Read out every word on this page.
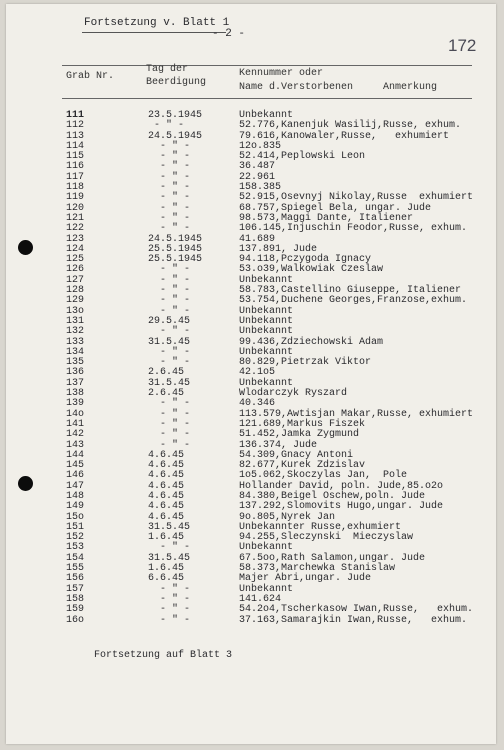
Fortsetzung v. Blatt 1
- 2 -
172
Grab Nr.
Tag der
Beerdigung
Kennummer oder
Name d.Verstorbenen	Anmerkung
111	23.5.1945	Unbekannt
112	- " -	52.776,Kanenjuk Wasilij,Russe, exhum.
113	24.5.1945	79.616,Kanowaler,Russe,   exhumiert
114	- " -	12o.835
115	- " -	52.414,Peplowski Leon
116	- " -	36.487
117	- " -	22.961
118	- " -	158.385
119	- " -	52.915,Osevnyj Nikolay,Russe  exhumiert
120	- " -	68.757,Spiegel Bela, ungar. Jude
121	- " -	98.573,Maggi Dante, Italiener
122	- " -	106.145,Injuschin Feodor,Russe, exhum.
123	24.5.1945	41.689
124	25.5.1945	137.891, Jude
125	25.5.1945	94.118,Pczygoda Ignacy
126	- " -	53.o39,Walkowiak Czeslaw
127	- " -	Unbekannt
128	- " -	58.783,Castellino Giuseppe, Italiener
129	- " -	53.754,Duchene Georges,Franzose,exhum.
13o	- " -	Unbekannt
131	29.5.45	Unbekannt
132	- " -	Unbekannt
133	31.5.45	99.436,Zdziechowski Adam
134	- " -	Unbekannt
135	- " -	80.829,Pietrzak Viktor
136	2.6.45	42.1o5
137	31.5.45	Unbekannt
138	2.6.45	Wlodarczyk Ryszard
139	- " -	40.346
14o	- " -	113.579,Awtisjan Makar,Russe, exhumiert
141	- " -	121.689,Markus Fiszek
142	- " -	51.452,Jamka Zygmund
143	- " -	136.374, Jude
144	4.6.45	54.309,Gnacy Antoni
145	4.6.45	82.677,Kurek Zdzislav
146	4.6.45	1o5.062,Skoczylas Jan,  Pole
147	4.6.45	Hollander David, poln. Jude,85.o2o
148	4.6.45	84.380,Beigel Oschew,poln. Jude
149	4.6.45	137.292,Slomovits Hugo,ungar. Jude
15o	4.6.45	9o.805,Nyrek Jan
151	31.5.45	Unbekannter Russe,exhumiert
152	1.6.45	94.255,Sleczynski  Mieczyslaw
153	- " -	Unbekannt
154	31.5.45	67.5oo,Rath Salamon,ungar. Jude
155	1.6.45	58.373,Marchewka Stanislaw
156	6.6.45	Majer Abri,ungar. Jude
157	- " -	Unbekannt
158	- " -	141.624
159	- " -	54.2o4,Tscherkasow Iwan,Russe,   exhum.
16o	- " -	37.163,Samarajkin Iwan,Russe,   exhum.
Fortsetzung auf Blatt 3
